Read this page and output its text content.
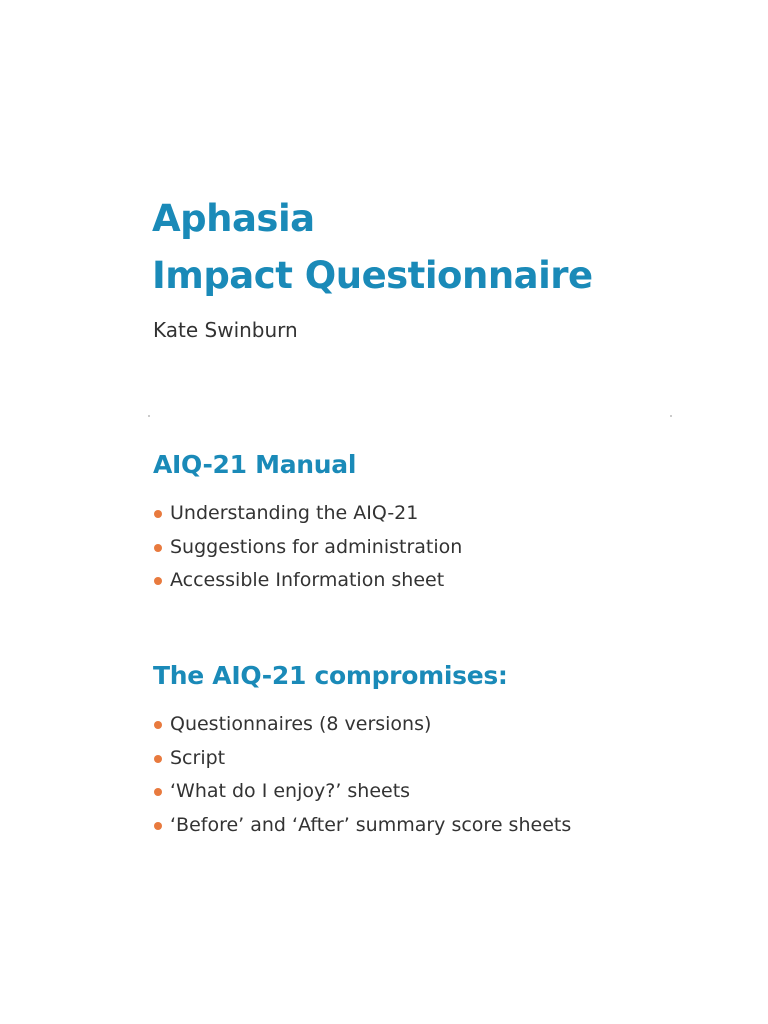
Aphasia
Impact Questionnaire
Kate Swinburn
AIQ-21 Manual
Understanding the AIQ-21
Suggestions for administration
Accessible Information sheet
The AIQ-21 compromises:
Questionnaires (8 versions)
Script
‘What do I enjoy?’ sheets
‘Before’ and ‘After’ summary score sheets
